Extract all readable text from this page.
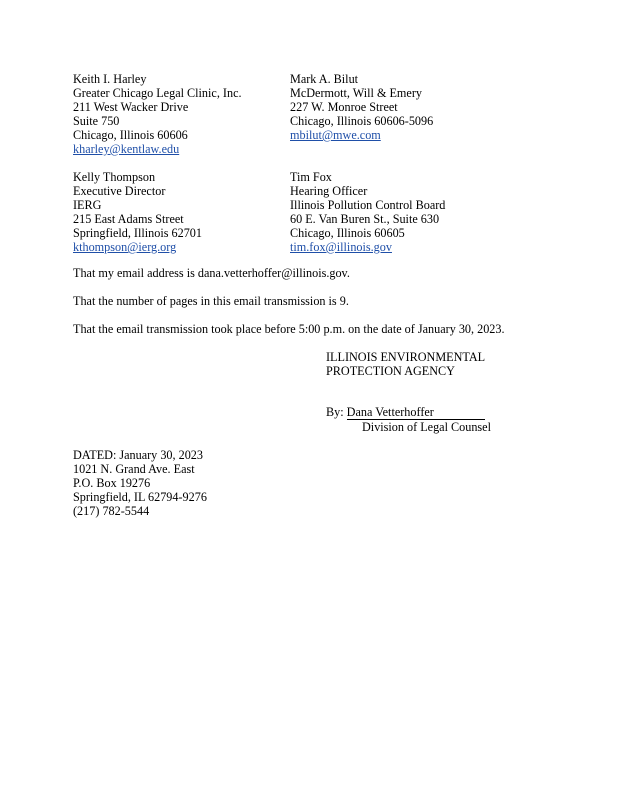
Keith I. Harley
Greater Chicago Legal Clinic, Inc.
211 West Wacker Drive
Suite 750
Chicago, Illinois 60606
kharley@kentlaw.edu
Mark A. Bilut
McDermott, Will & Emery
227 W. Monroe Street
Chicago, Illinois 60606-5096
mbilut@mwe.com
Kelly Thompson
Executive Director
IERG
215 East Adams Street
Springfield, Illinois 62701
kthompson@ierg.org
Tim Fox
Hearing Officer
Illinois Pollution Control Board
60 E. Van Buren St., Suite 630
Chicago, Illinois 60605
tim.fox@illinois.gov
That my email address is dana.vetterhoffer@illinois.gov.
That the number of pages in this email transmission is 9.
That the email transmission took place before 5:00 p.m. on the date of January 30, 2023.
ILLINOIS ENVIRONMENTAL
PROTECTION AGENCY
By: Dana Vetterhoffer
Division of Legal Counsel
DATED: January 30, 2023
1021 N. Grand Ave. East
P.O. Box 19276
Springfield, IL 62794-9276
(217) 782-5544
